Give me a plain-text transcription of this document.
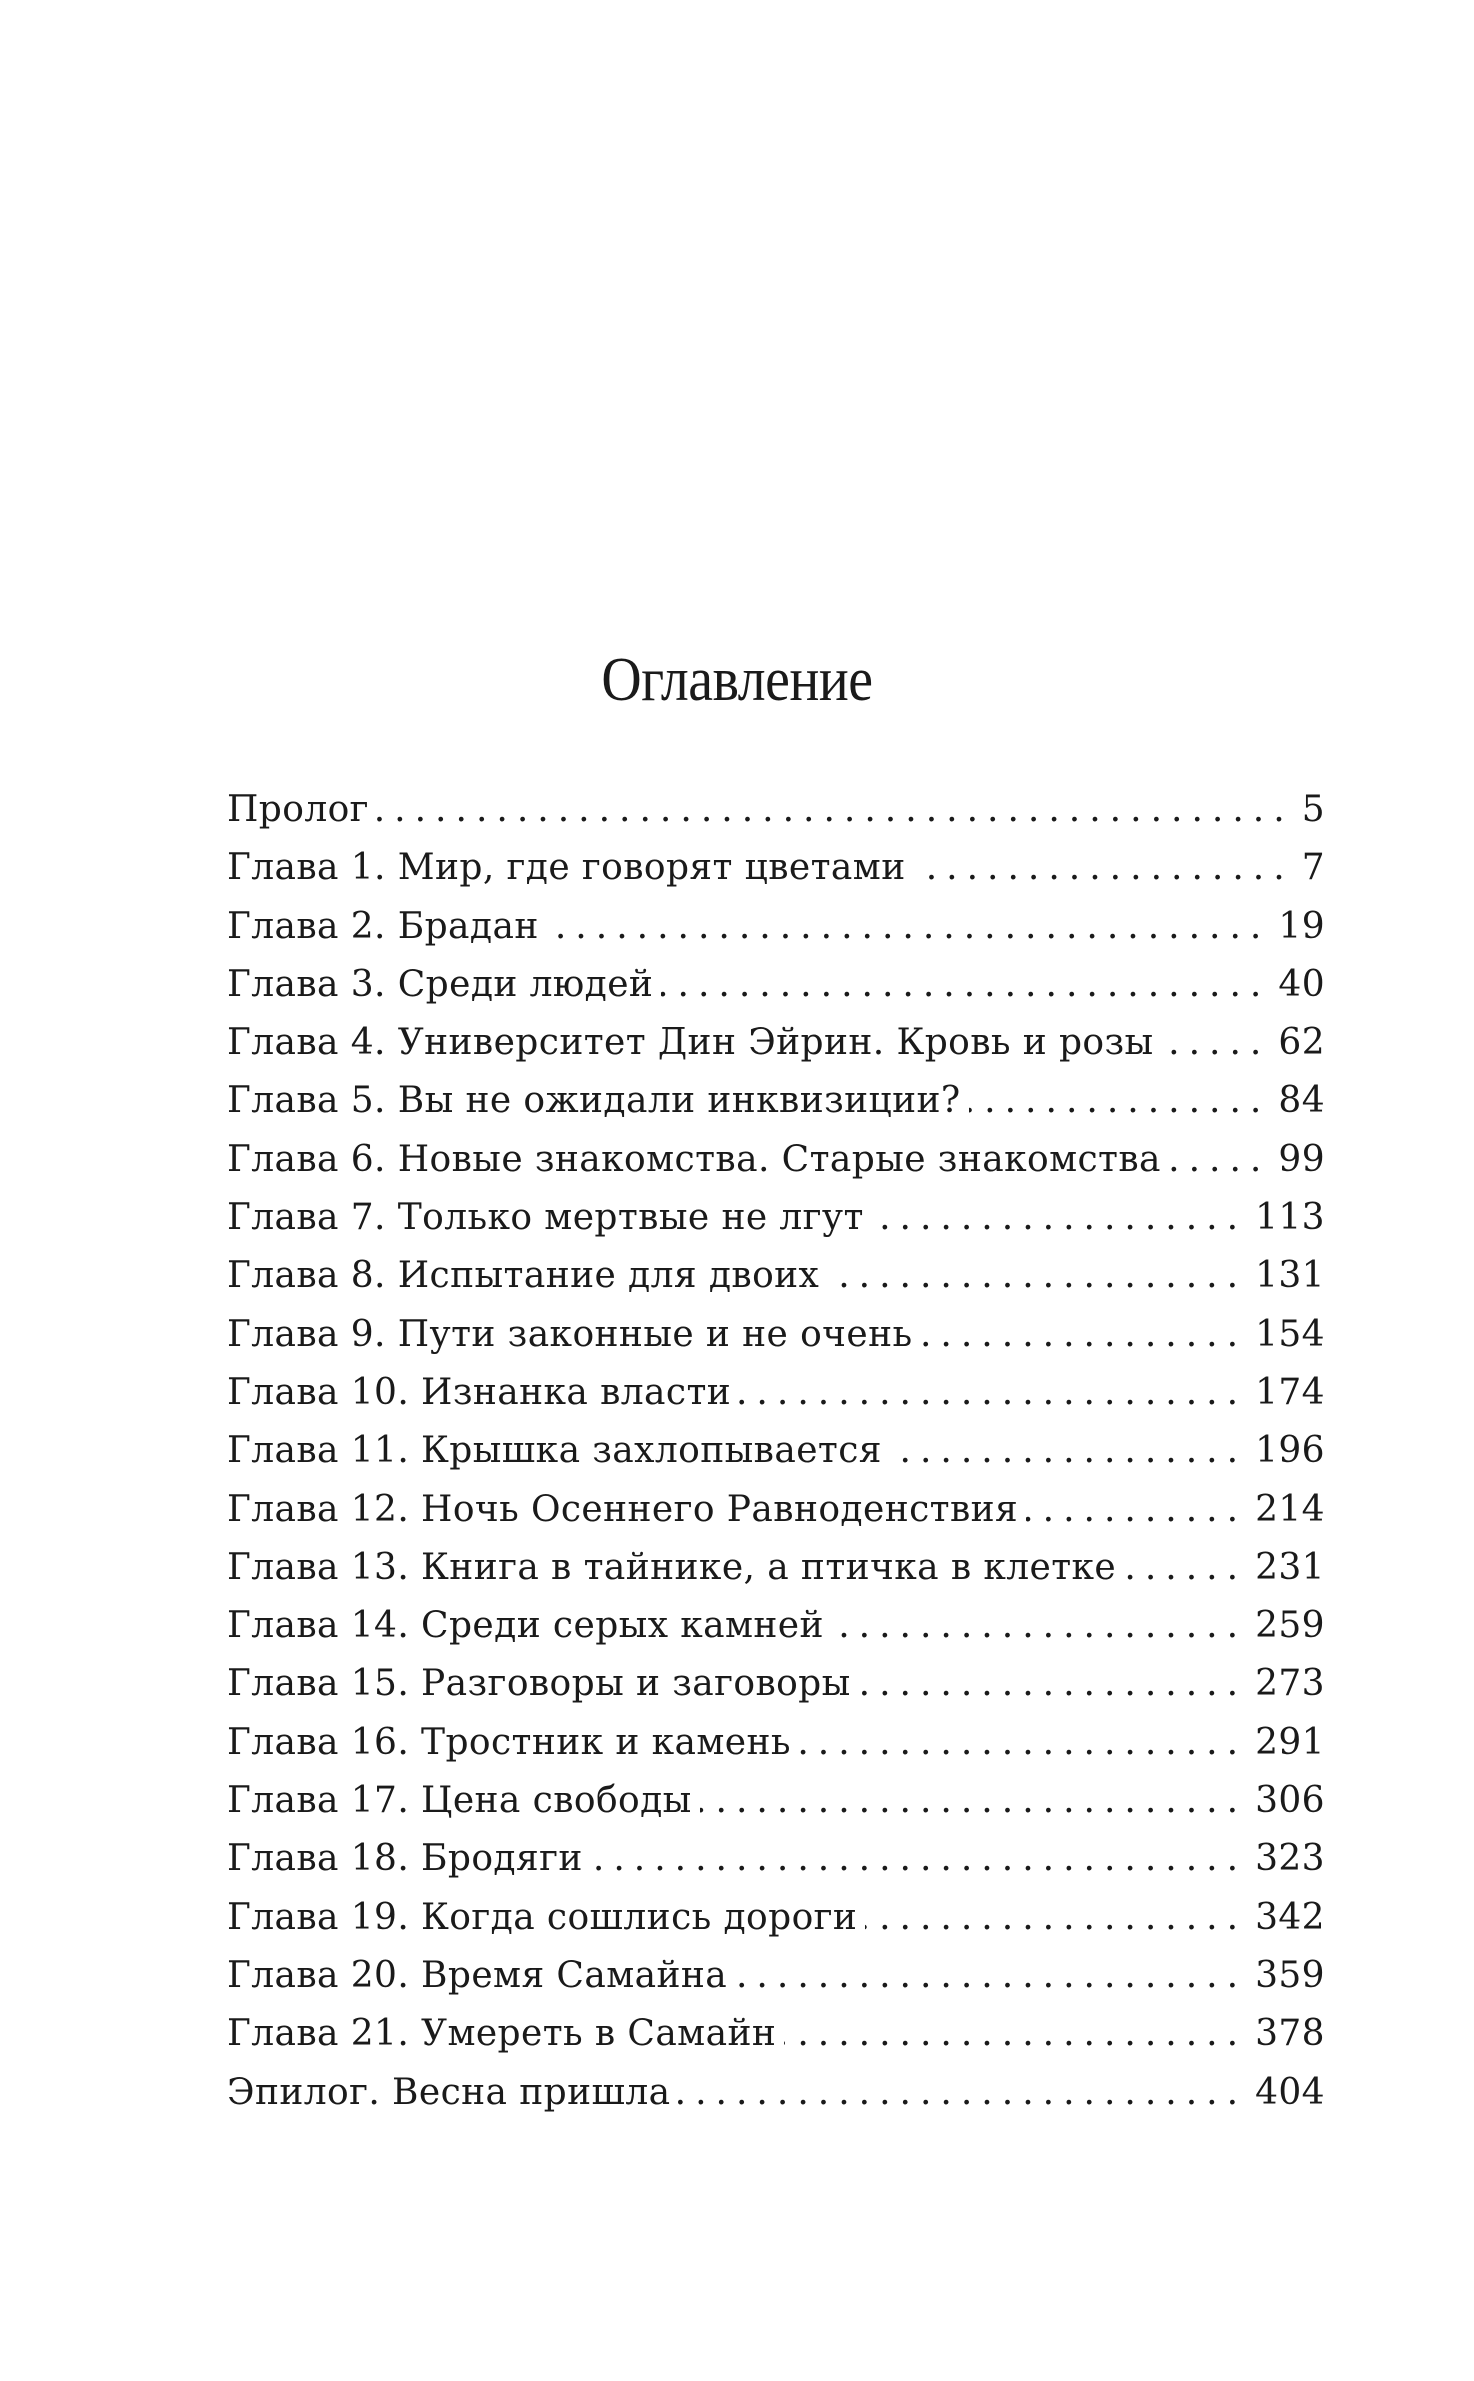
Оглавление
Пролог .....	5
Глава 1. Мир, где говорят цветами .....	7
Глава 2. Брадан .....	19
Глава 3. Среди людей .....	40
Глава 4. Университет Дин Эйрин. Кровь и розы .....	62
Глава 5. Вы не ожидали инквизиции? .....	84
Глава 6. Новые знакомства. Старые знакомства .....	99
Глава 7. Только мертвые не лгут .....	113
Глава 8. Испытание для двоих .....	131
Глава 9. Пути законные и не очень .....	154
Глава 10. Изнанка власти .....	174
Глава 11. Крышка захлопывается .....	196
Глава 12. Ночь Осеннего Равноденствия .....	214
Глава 13. Книга в тайнике, а птичка в клетке .....	231
Глава 14. Среди серых камней .....	259
Глава 15. Разговоры и заговоры .....	273
Глава 16. Тростник и камень .....	291
Глава 17. Цена свободы .....	306
Глава 18. Бродяги .....	323
Глава 19. Когда сошлись дороги .....	342
Глава 20. Время Самайна .....	359
Глава 21. Умереть в Самайн .....	378
Эпилог. Весна пришла .....	404
